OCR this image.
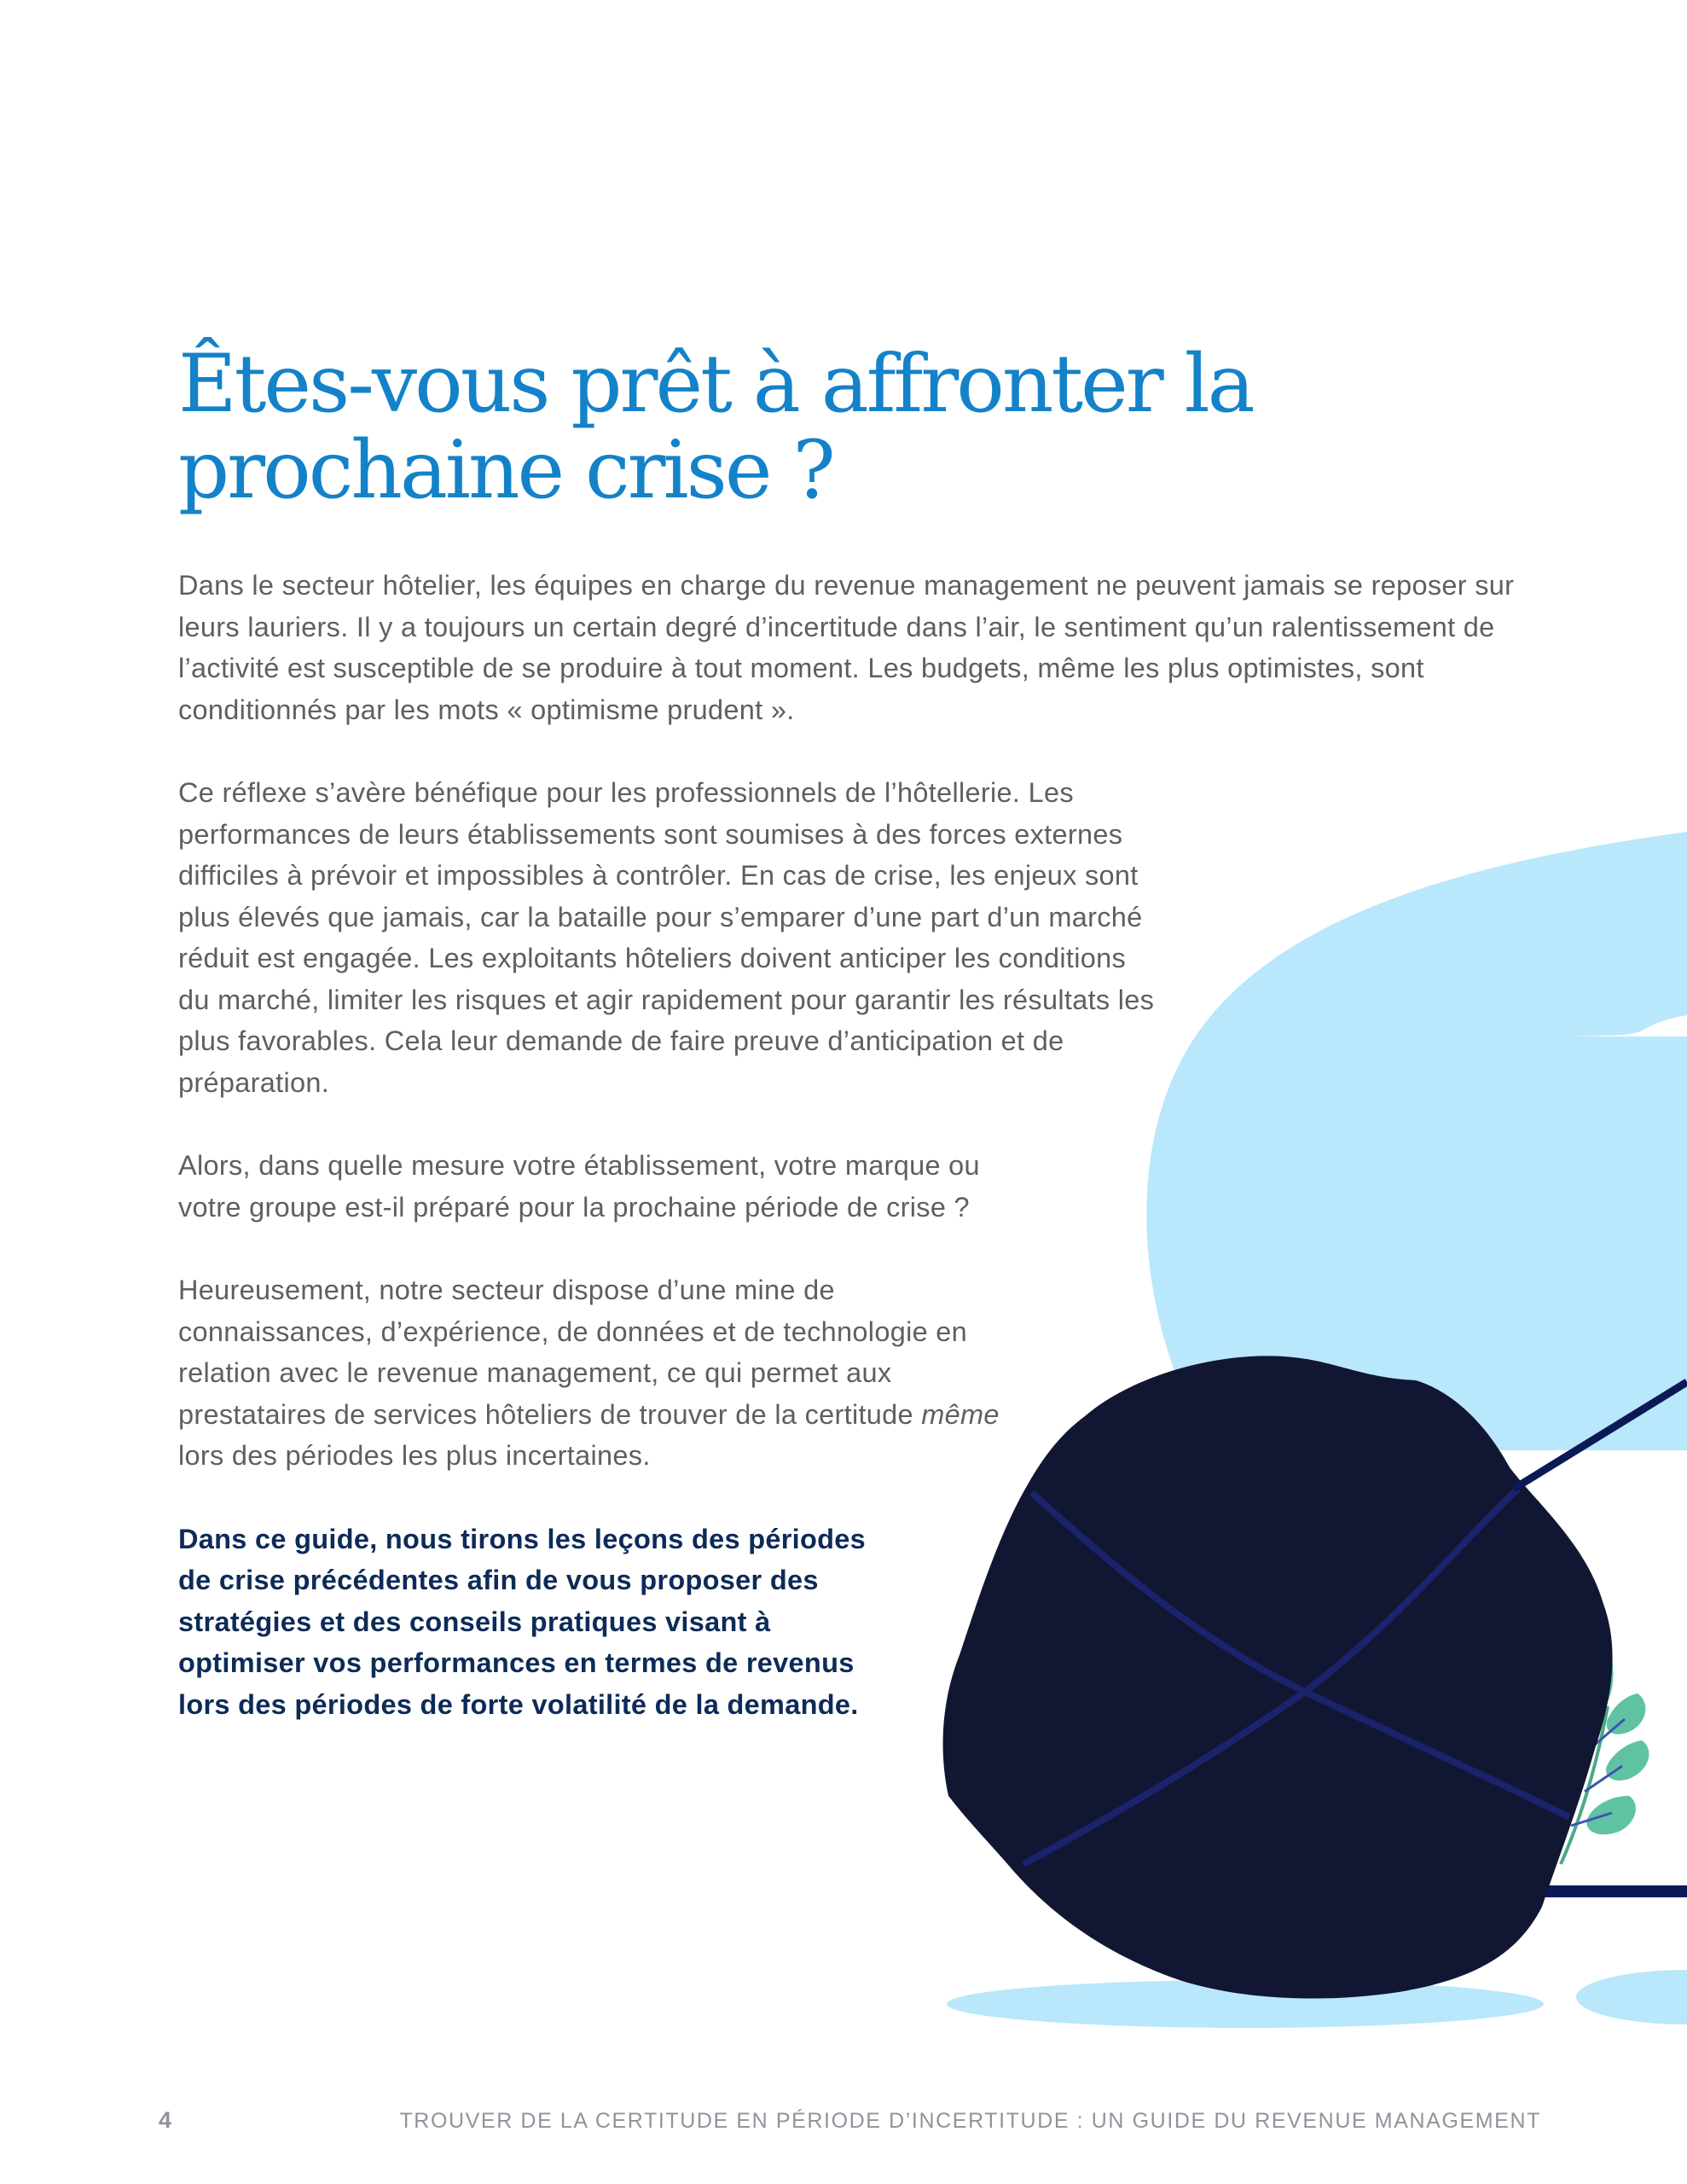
Êtes-vous prêt à affronter la
prochaine crise ?

Dans le secteur hôtelier, les équipes en charge du revenue management ne peuvent jamais se reposer sur leurs lauriers. Il y a toujours un certain degré d’incertitude dans l’air, le sentiment qu’un ralentissement de l’activité est susceptible de se produire à tout moment. Les budgets, même les plus optimistes, sont conditionnés par les mots « optimisme prudent ».

Ce réflexe s’avère bénéfique pour les professionnels de l’hôtellerie. Les performances de leurs établissements sont soumises à des forces externes difficiles à prévoir et impossibles à contrôler. En cas de crise, les enjeux sont plus élevés que jamais, car la bataille pour s’emparer d’une part d’un marché réduit est engagée. Les exploitants hôteliers doivent anticiper les conditions du marché, limiter les risques et agir rapidement pour garantir les résultats les plus favorables. Cela leur demande de faire preuve d’anticipation et de préparation.

Alors, dans quelle mesure votre établissement, votre marque ou votre groupe est-il préparé pour la prochaine période de crise ?

Heureusement, notre secteur dispose d’une mine de connaissances, d’expérience, de données et de technologie en relation avec le revenue management, ce qui permet aux prestataires de services hôteliers de trouver de la certitude même lors des périodes les plus incertaines.

Dans ce guide, nous tirons les leçons des périodes de crise précédentes afin de vous proposer des stratégies et des conseils pratiques visant à optimiser vos performances en termes de revenus lors des périodes de forte volatilité de la demande.

4	TROUVER DE LA CERTITUDE EN PÉRIODE D’INCERTITUDE : UN GUIDE DU REVENUE MANAGEMENT
